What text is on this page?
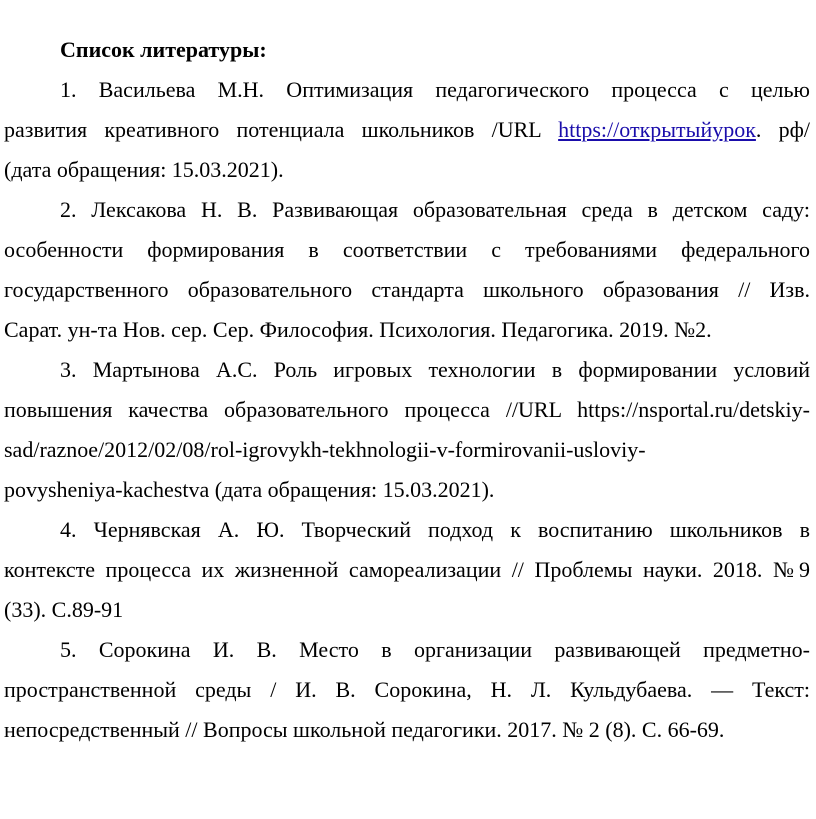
Список литературы:
1. Васильева М.Н. Оптимизация педагогического процесса с целью
развития креативного потенциала школьников /URL https://открытыйурок. рф/
(дата обращения: 15.03.2021).
2. Лексакова Н. В. Развивающая образовательная среда в детском саду:
особенности формирования в соответствии с требованиями федерального
государственного образовательного стандарта школьного образования // Изв.
Сарат. ун-та Нов. сер. Сер. Философия. Психология. Педагогика. 2019. №2.
3. Мартынова А.С. Роль игровых технологии в формировании условий
повышения качества образовательного процесса //URL https://nsportal.ru/detskiy-
sad/raznoe/2012/02/08/rol-igrovykh-tekhnologii-v-formirovanii-usloviy-
povysheniya-kachestva (дата обращения: 15.03.2021).
4. Чернявская А. Ю. Творческий подход к воспитанию школьников в
контексте процесса их жизненной самореализации // Проблемы науки. 2018. №9
(33). С.89-91
5. Сорокина И. В. Место в организации развивающей предметно-
пространственной среды / И. В. Сорокина, Н. Л. Кульдубаева. — Текст:
непосредственный // Вопросы школьной педагогики. 2017. № 2 (8). С. 66-69.
